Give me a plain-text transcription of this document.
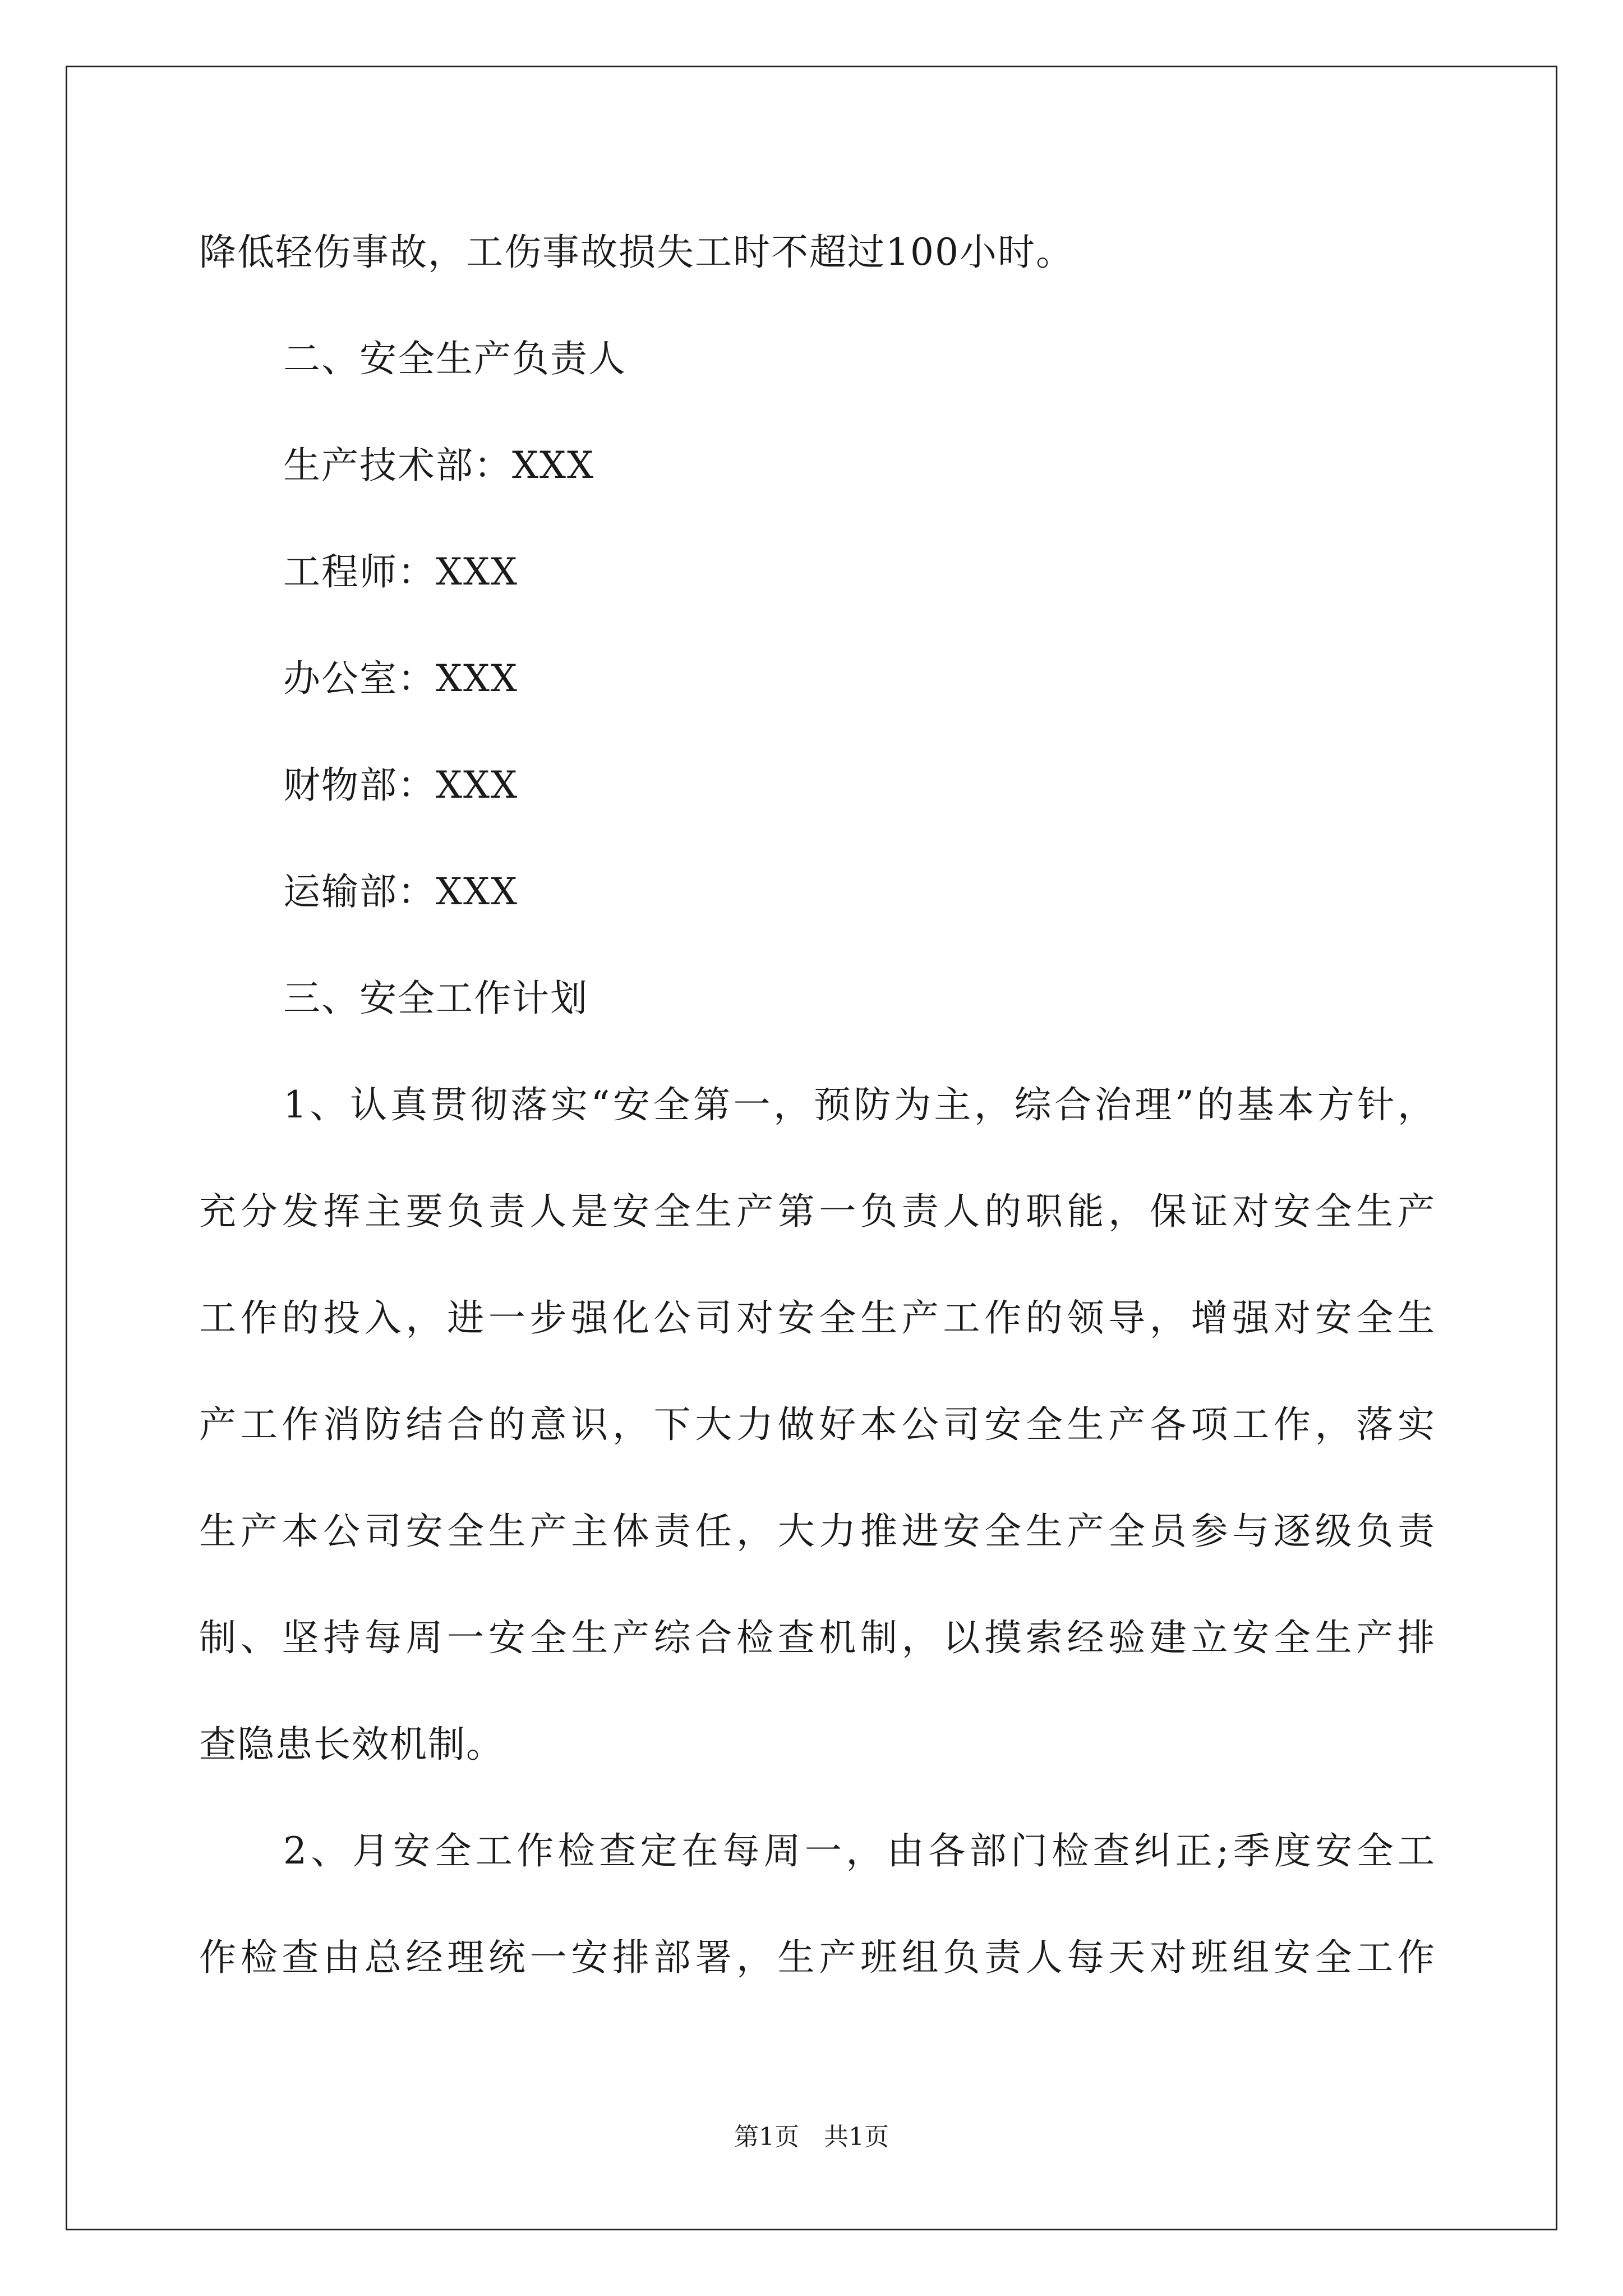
降低轻伤事故，工伤事故损失工时不超过100小时。
二、安全生产负责人
生产技术部：XXX
工程师：XXX
办公室：XXX
财物部：XXX
运输部：XXX
三、安全工作计划
1、认真贯彻落实“安全第一，预防为主，综合治理”的基本方针，
充分发挥主要负责人是安全生产第一负责人的职能，保证对安全生产
工作的投入，进一步强化公司对安全生产工作的领导，增强对安全生
产工作消防结合的意识，下大力做好本公司安全生产各项工作，落实
生产本公司安全生产主体责任，大力推进安全生产全员参与逐级负责
制、坚持每周一安全生产综合检查机制，以摸索经验建立安全生产排
查隐患长效机制。
2、月安全工作检查定在每周一，由各部门检查纠正;季度安全工
作检查由总经理统一安排部署，生产班组负责人每天对班组安全工作
第1页　共1页
